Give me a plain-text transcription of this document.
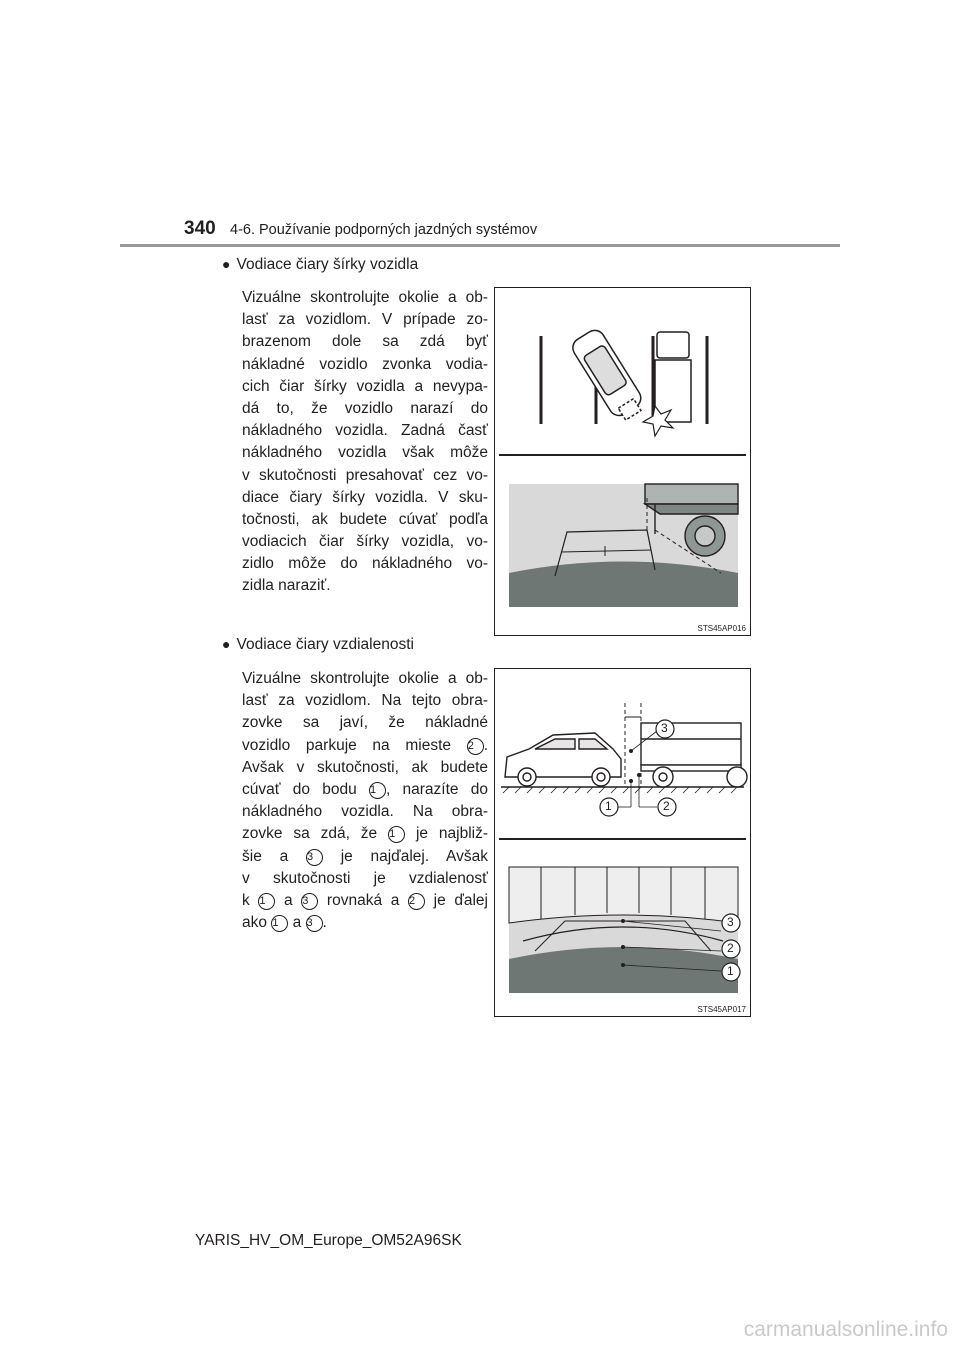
340 4-6. Používanie podporných jazdných systémov
● Vodiace čiary šírky vozidla
Vizuálne skontrolujte okolie a ob-
lasť za vozidlom. V prípade zo-
brazenom dole sa zdá byť
nákladné vozidlo zvonka vodia-
cich čiar šírky vozidla a nevypa-
dá to, že vozidlo narazí do
nákladného vozidla. Zadná časť
nákladného vozidla však môže
v skutočnosti presahovať cez vo-
diace čiary šírky vozidla. V sku-
točnosti, ak budete cúvať podľa
vodiacich čiar šírky vozidla, vo-
zidlo môže do nákladného vo-
zidla naraziť.
STS45AP016
● Vodiace čiary vzdialenosti
Vizuálne skontrolujte okolie a ob-
lasť za vozidlom. Na tejto obra-
zovke sa javí, že nákladné
vozidlo parkuje na mieste 2 .
Avšak v skutočnosti, ak budete
cúvať do bodu 1 , narazíte do
nákladného vozidla. Na obra-
zovke sa zdá, že 1 je najbliž-
šie a 3 je najďalej. Avšak
v skutočnosti je vzdialenosť
k 1 a 3 rovnaká a 2 je ďalej
ako 1 a 3 .
3
1	2
3
2
1
STS45AP017
YARIS_HV_OM_Europe_OM52A96SK
carmanualsonline.info
